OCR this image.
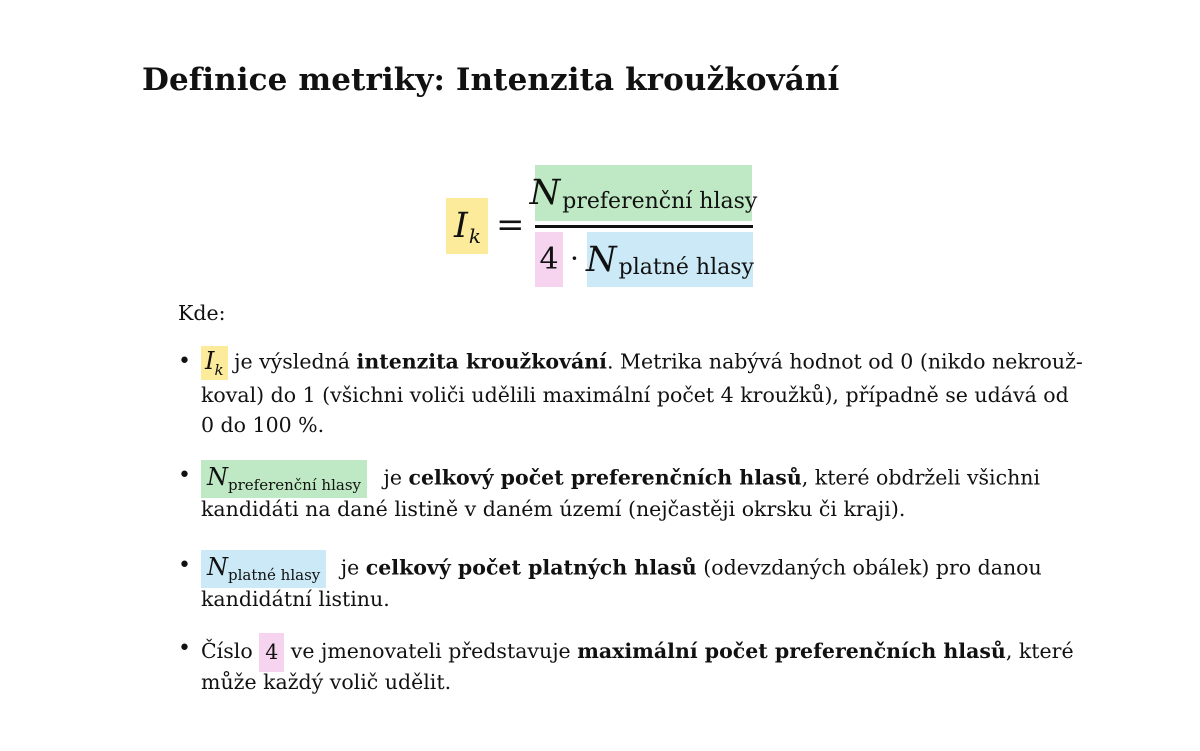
Definice metriky: Intenzita kroužkování
I k =
N preferenční hlasy
4 · N platné hlasy
Kde:
• $I_k$ je výsledná intenzita kroužkování. Metrika nabývá hodnot od 0 (nikdo nekrouž-
koval) do 1 (všichni voliči udělili maximální počet 4 kroužků), případně se udává od
0 do 100 %.
• $N_{preferenční hlasy}$ je celkový počet preferenčních hlasů, které obdrželi všichni
kandidáti na dané listině v daném území (nejčastěji okrsku či kraji).
• $N_{platné hlasy}$ je celkový počet platných hlasů (odevzdaných obálek) pro danou
kandidátní listinu.
• Číslo 4 ve jmenovateli představuje maximální počet preferenčních hlasů, které
může každý volič udělit.
